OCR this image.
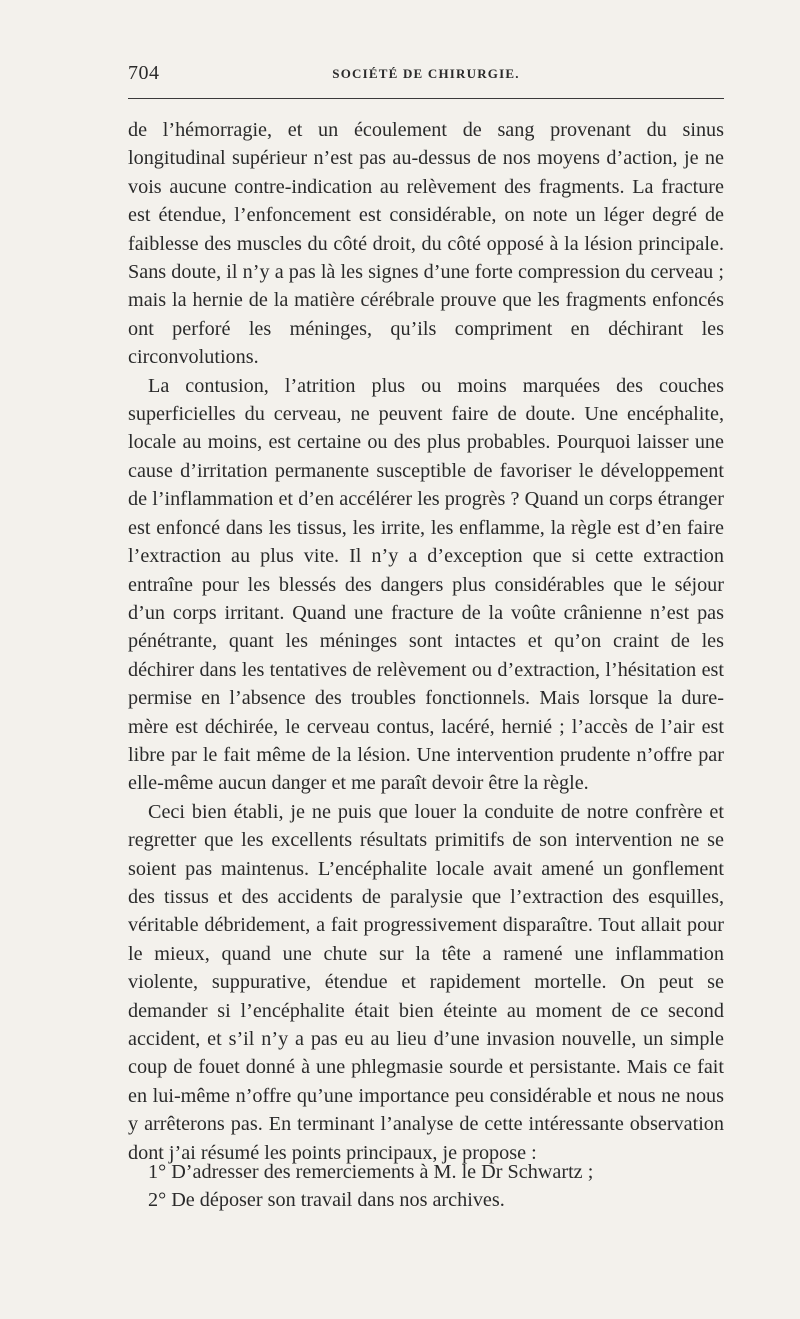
704	SOCIÉTÉ DE CHIRURGIE.

de l’hémorragie, et un écoulement de sang provenant du sinus longitudinal supérieur n’est pas au-dessus de nos moyens d’action, je ne vois aucune contre-indication au relèvement des fragments. La fracture est étendue, l’enfoncement est considérable, on note un léger degré de faiblesse des muscles du côté droit, du côté opposé à la lésion principale. Sans doute, il n’y a pas là les signes d’une forte compression du cerveau ; mais la hernie de la matière cérébrale prouve que les fragments enfoncés ont perforé les méninges, qu’ils compriment en déchirant les circonvolutions.

La contusion, l’atrition plus ou moins marquées des couches superficielles du cerveau, ne peuvent faire de doute. Une encéphalite, locale au moins, est certaine ou des plus probables. Pourquoi laisser une cause d’irritation permanente susceptible de favoriser le développement de l’inflammation et d’en accélérer les progrès ? Quand un corps étranger est enfoncé dans les tissus, les irrite, les enflamme, la règle est d’en faire l’extraction au plus vite. Il n’y a d’exception que si cette extraction entraîne pour les blessés des dangers plus considérables que le séjour d’un corps irritant. Quand une fracture de la voûte crânienne n’est pas pénétrante, quant les méninges sont intactes et qu’on craint de les déchirer dans les tentatives de relèvement ou d’extraction, l’hésitation est permise en l’absence des troubles fonctionnels. Mais lorsque la dure-mère est déchirée, le cerveau contus, lacéré, hernié ; l’accès de l’air est libre par le fait même de la lésion. Une intervention prudente n’offre par elle-même aucun danger et me paraît devoir être la règle.

Ceci bien établi, je ne puis que louer la conduite de notre confrère et regretter que les excellents résultats primitifs de son intervention ne se soient pas maintenus. L’encéphalite locale avait amené un gonflement des tissus et des accidents de paralysie que l’extraction des esquilles, véritable débridement, a fait progressivement disparaître. Tout allait pour le mieux, quand une chute sur la tête a ramené une inflammation violente, suppurative, étendue et rapidement mortelle. On peut se demander si l’encéphalite était bien éteinte au moment de ce second accident, et s’il n’y a pas eu au lieu d’une invasion nouvelle, un simple coup de fouet donné à une phlegmasie sourde et persistante. Mais ce fait en lui-même n’offre qu’une importance peu considérable et nous ne nous y arrêterons pas. En terminant l’analyse de cette intéressante observation dont j’ai résumé les points principaux, je propose :

1° D’adresser des remerciements à M. le Dr Schwartz ;

2° De déposer son travail dans nos archives.
